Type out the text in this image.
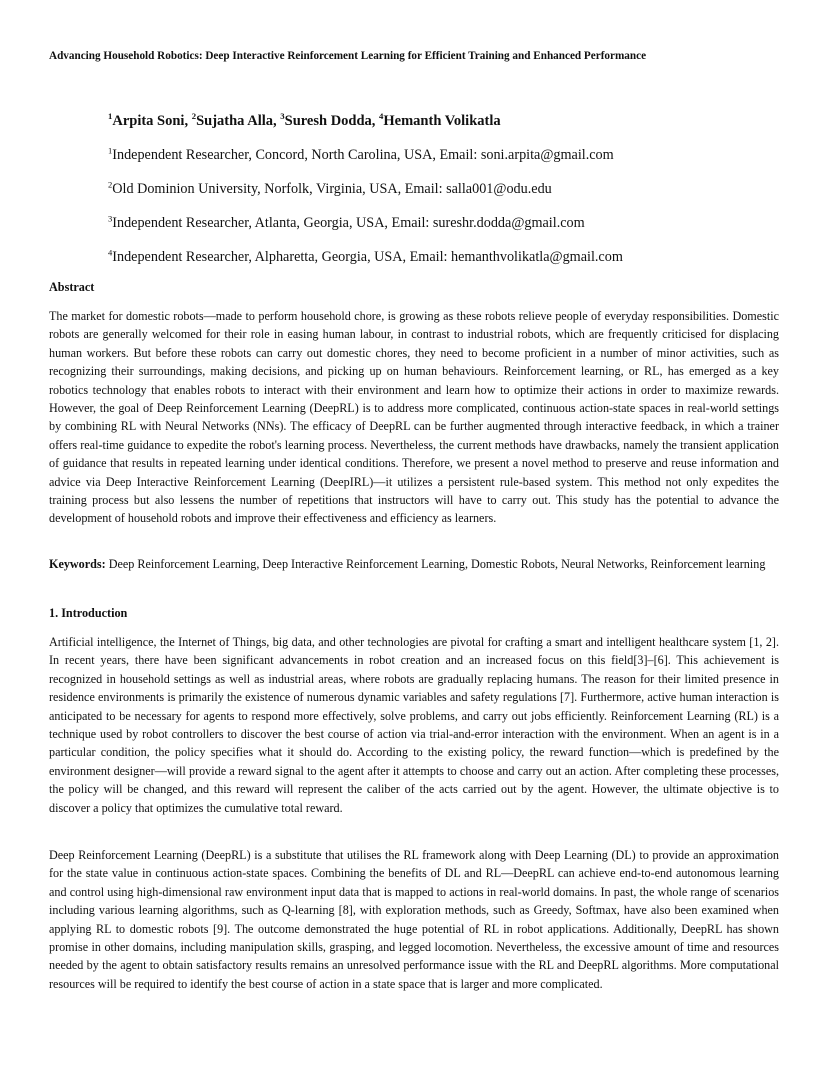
Advancing Household Robotics: Deep Interactive Reinforcement Learning for Efficient Training and Enhanced Performance
$^1$Arpita Soni, $^2$Sujatha Alla, $^3$Suresh Dodda, $^4$Hemanth Volikatla
$^1$Independent Researcher, Concord, North Carolina, USA, Email: soni.arpita@gmail.com
$^2$Old Dominion University, Norfolk, Virginia, USA, Email: salla001@odu.edu
$^3$Independent Researcher, Atlanta, Georgia, USA, Email: sureshr.dodda@gmail.com
$^4$Independent Researcher, Alpharetta, Georgia, USA, Email: hemanthvolikatla@gmail.com
Abstract

The market for domestic robots—made to perform household chore, is growing as these robots relieve people of everyday responsibilities. Domestic robots are generally welcomed for their role in easing human labour, in contrast to industrial robots, which are frequently criticised for displacing human workers. But before these robots can carry out domestic chores, they need to become proficient in a number of minor activities, such as recognizing their surroundings, making decisions, and picking up on human behaviours. Reinforcement learning, or RL, has emerged as a key robotics technology that enables robots to interact with their environment and learn how to optimize their actions in order to maximize rewards. However, the goal of Deep Reinforcement Learning (DeepRL) is to address more complicated, continuous action-state spaces in real-world settings by combining RL with Neural Networks (NNs). The efficacy of DeepRL can be further augmented through interactive feedback, in which a trainer offers real-time guidance to expedite the robot's learning process. Nevertheless, the current methods have drawbacks, namely the transient application of guidance that results in repeated learning under identical conditions. Therefore, we present a novel method to preserve and reuse information and advice via Deep Interactive Reinforcement Learning (DeepIRL)—it utilizes a persistent rule-based system. This method not only expedites the training process but also lessens the number of repetitions that instructors will have to carry out. This study has the potential to advance the development of household robots and improve their effectiveness and efficiency as learners.

Keywords: Deep Reinforcement Learning, Deep Interactive Reinforcement Learning, Domestic Robots, Neural Networks, Reinforcement learning

1. Introduction

Artificial intelligence, the Internet of Things, big data, and other technologies are pivotal for crafting a smart and intelligent healthcare system [1, 2]. In recent years, there have been significant advancements in robot creation and an increased focus on this field[3]–[6]. This achievement is recognized in household settings as well as industrial areas, where robots are gradually replacing humans. The reason for their limited presence in residence environments is primarily the existence of numerous dynamic variables and safety regulations [7]. Furthermore, active human interaction is anticipated to be necessary for agents to respond more effectively, solve problems, and carry out jobs efficiently. Reinforcement Learning (RL) is a technique used by robot controllers to discover the best course of action via trial-and-error interaction with the environment. When an agent is in a particular condition, the policy specifies what it should do. According to the existing policy, the reward function—which is predefined by the environment designer—will provide a reward signal to the agent after it attempts to choose and carry out an action. After completing these processes, the policy will be changed, and this reward will represent the caliber of the acts carried out by the agent. However, the ultimate objective is to discover a policy that optimizes the cumulative total reward.

Deep Reinforcement Learning (DeepRL) is a substitute that utilises the RL framework along with Deep Learning (DL) to provide an approximation for the state value in continuous action-state spaces. Combining the benefits of DL and RL—DeepRL can achieve end-to-end autonomous learning and control using high-dimensional raw environment input data that is mapped to actions in real-world domains. In past, the whole range of scenarios including various learning algorithms, such as Q-learning [8], with exploration methods, such as Greedy, Softmax, have also been examined when applying RL to domestic robots [9]. The outcome demonstrated the huge potential of RL in robot applications. Additionally, DeepRL has shown promise in other domains, including manipulation skills, grasping, and legged locomotion. Nevertheless, the excessive amount of time and resources needed by the agent to obtain satisfactory results remains an unresolved performance issue with the RL and DeepRL algorithms. More computational resources will be required to identify the best course of action in a state space that is larger and more complicated.
